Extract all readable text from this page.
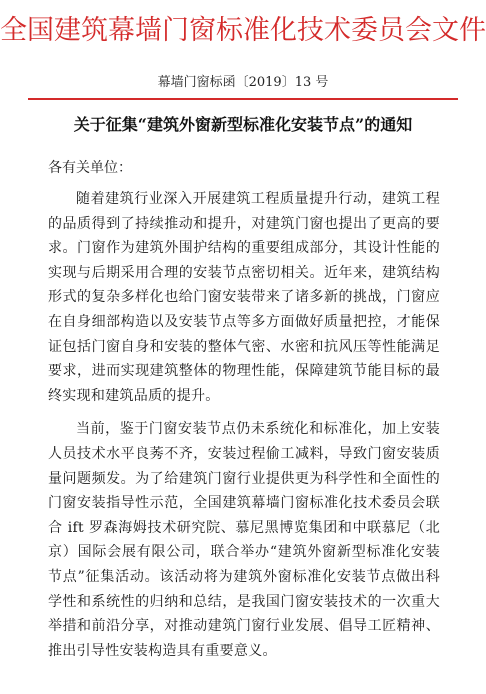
全国建筑幕墙门窗标准化技术委员会文件
幕墙门窗标函〔2019〕13 号
关于征集“建筑外窗新型标准化安装节点”的通知
各有关单位：

随着建筑行业深入开展建筑工程质量提升行动，建筑工程的品质得到了持续推动和提升，对建筑门窗也提出了更高的要求。门窗作为建筑外围护结构的重要组成部分，其设计性能的实现与后期采用合理的安装节点密切相关。近年来，建筑结构形式的复杂多样化也给门窗安装带来了诸多新的挑战，门窗应在自身细部构造以及安装节点等多方面做好质量把控，才能保证包括门窗自身和安装的整体气密、水密和抗风压等性能满足要求，进而实现建筑整体的物理性能，保障建筑节能目标的最终实现和建筑品质的提升。

当前，鉴于门窗安装节点仍未系统化和标准化，加上安装人员技术水平良莠不齐，安装过程偷工减料，导致门窗安装质量问题频发。为了给建筑门窗行业提供更为科学性和全面性的门窗安装指导性示范，全国建筑幕墙门窗标准化技术委员会联合 ift 罗森海姆技术研究院、慕尼黑博览集团和中联慕尼（北京）国际会展有限公司，联合举办“建筑外窗新型标准化安装节点”征集活动。该活动将为建筑外窗标准化安装节点做出科学性和系统性的归纳和总结，是我国门窗安装技术的一次重大举措和前沿分享，对推动建筑门窗行业发展、倡导工匠精神、推出引导性安装构造具有重要意义。
